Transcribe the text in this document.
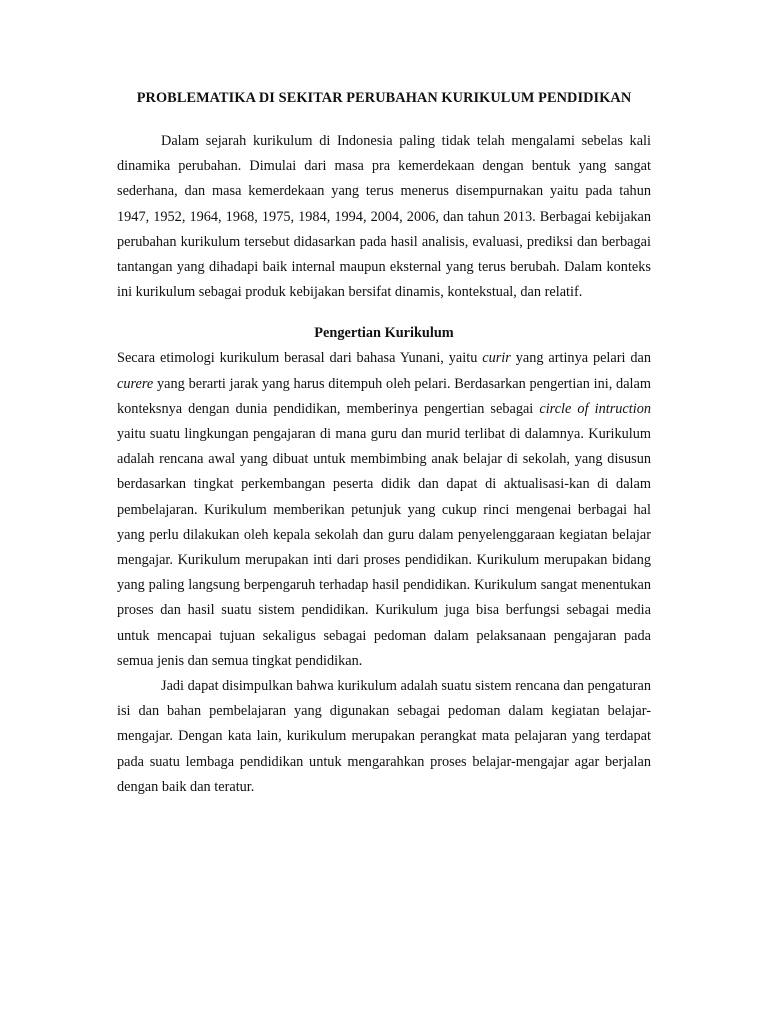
PROBLEMATIKA DI SEKITAR PERUBAHAN KURIKULUM PENDIDIKAN

Dalam sejarah kurikulum di Indonesia paling tidak telah mengalami sebelas kali dinamika perubahan. Dimulai dari masa pra kemerdekaan dengan bentuk yang sangat sederhana, dan masa kemerdekaan yang terus menerus disempurnakan yaitu pada tahun 1947, 1952, 1964, 1968, 1975, 1984, 1994, 2004, 2006, dan tahun 2013. Berbagai kebijakan perubahan kurikulum tersebut didasarkan pada hasil analisis, evaluasi, prediksi dan berbagai tantangan yang dihadapi baik internal maupun eksternal yang terus berubah. Dalam konteks ini kurikulum sebagai produk kebijakan bersifat dinamis, kontekstual, dan relatif.

Pengertian Kurikulum

Secara etimologi kurikulum berasal dari bahasa Yunani, yaitu curir yang artinya pelari dan curere yang berarti jarak yang harus ditempuh oleh pelari. Berdasarkan pengertian ini, dalam konteksnya dengan dunia pendidikan, memberinya pengertian sebagai circle of intruction yaitu suatu lingkungan pengajaran di mana guru dan murid terlibat di dalamnya. Kurikulum adalah rencana awal yang dibuat untuk membimbing anak belajar di sekolah, yang disusun berdasarkan tingkat perkembangan peserta didik dan dapat di aktualisasi-kan di dalam pembelajaran. Kurikulum memberikan petunjuk yang cukup rinci mengenai berbagai hal yang perlu dilakukan oleh kepala sekolah dan guru dalam penyelenggaraan kegiatan belajar mengajar. Kurikulum merupakan inti dari proses pendidikan. Kurikulum merupakan bidang yang paling langsung berpengaruh terhadap hasil pendidikan. Kurikulum sangat menentukan proses dan hasil suatu sistem pendidikan. Kurikulum juga bisa berfungsi sebagai media untuk mencapai tujuan sekaligus sebagai pedoman dalam pelaksanaan pengajaran pada semua jenis dan semua tingkat pendidikan.

Jadi dapat disimpulkan bahwa kurikulum adalah suatu sistem rencana dan pengaturan isi dan bahan pembelajaran yang digunakan sebagai pedoman dalam kegiatan belajar-mengajar. Dengan kata lain, kurikulum merupakan perangkat mata pelajaran yang terdapat pada suatu lembaga pendidikan untuk mengarahkan proses belajar-mengajar agar berjalan dengan baik dan teratur.
